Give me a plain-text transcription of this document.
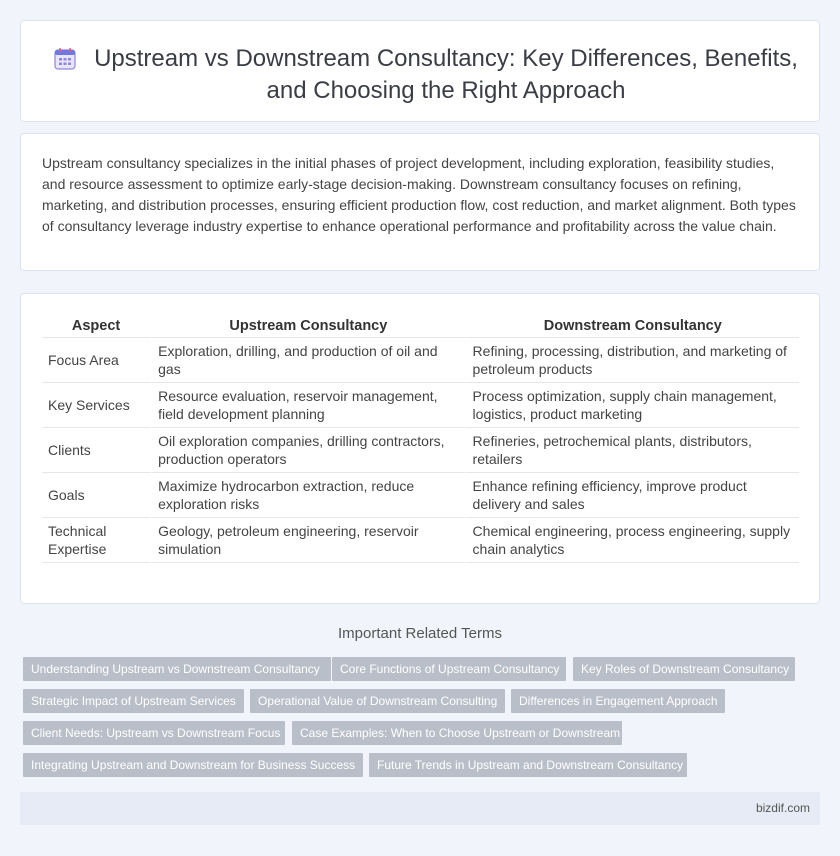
Upstream vs Downstream Consultancy: Key Differences, Benefits, and Choosing the Right Approach

Upstream consultancy specializes in the initial phases of project development, including exploration, feasibility studies, and resource assessment to optimize early-stage decision-making. Downstream consultancy focuses on refining, marketing, and distribution processes, ensuring efficient production flow, cost reduction, and market alignment. Both types of consultancy leverage industry expertise to enhance operational performance and profitability across the value chain.

Aspect	Upstream Consultancy	Downstream Consultancy
Focus Area	Exploration, drilling, and production of oil and gas	Refining, processing, distribution, and marketing of petroleum products
Key Services	Resource evaluation, reservoir management, field development planning	Process optimization, supply chain management, logistics, product marketing
Clients	Oil exploration companies, drilling contractors, production operators	Refineries, petrochemical plants, distributors, retailers
Goals	Maximize hydrocarbon extraction, reduce exploration risks	Enhance refining efficiency, improve product delivery and sales
Technical Expertise	Geology, petroleum engineering, reservoir simulation	Chemical engineering, process engineering, supply chain analytics
Important Related Terms
Understanding Upstream vs Downstream Consultancy	Core Functions of Upstream Consultancy	Key Roles of Downstream Consultancy
Strategic Impact of Upstream Services	Operational Value of Downstream Consulting	Differences in Engagement Approach
Client Needs: Upstream vs Downstream Focus	Case Examples: When to Choose Upstream or Downstream
Integrating Upstream and Downstream for Business Success	Future Trends in Upstream and Downstream Consultancy
bizdif.com
